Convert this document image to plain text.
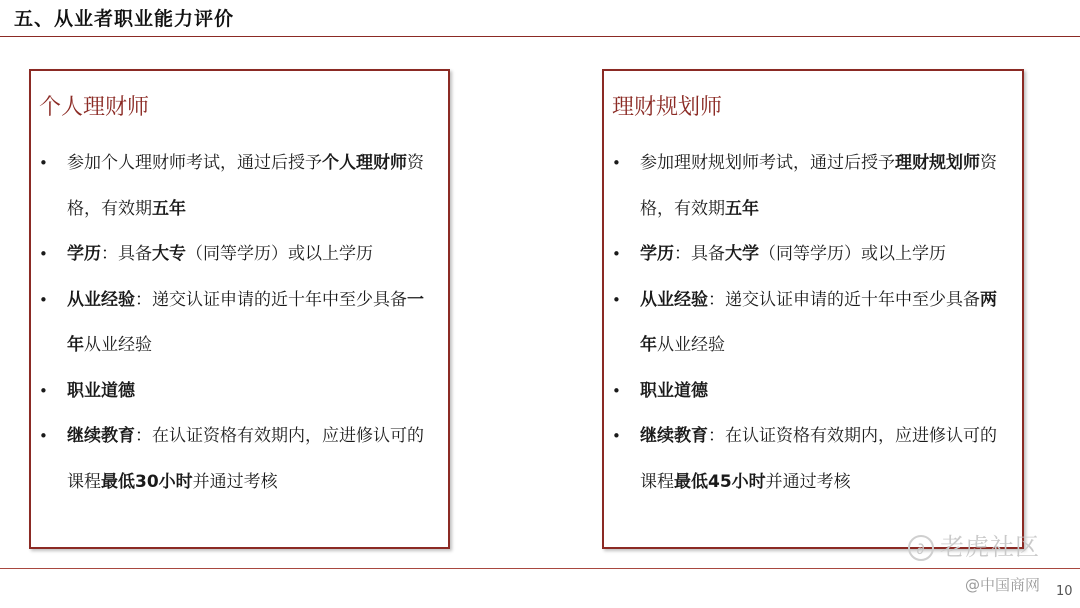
五、从业者职业能力评价
个人理财师
• 参加个人理财师考试，通过后授予个人理财师资格，有效期五年
• 学历：具备大专（同等学历）或以上学历
• 从业经验：递交认证申请的近十年中至少具备一年从业经验
• 职业道德
• 继续教育：在认证资格有效期内，应进修认可的课程最低30小时并通过考核
理财规划师
• 参加理财规划师考试，通过后授予理财规划师资格，有效期五年
• 学历：具备大学（同等学历）或以上学历
• 从业经验：递交认证申请的近十年中至少具备两年从业经验
• 职业道德
• 继续教育：在认证资格有效期内，应进修认可的课程最低45小时并通过考核
∂ 老虎社区
@中国商网 10
